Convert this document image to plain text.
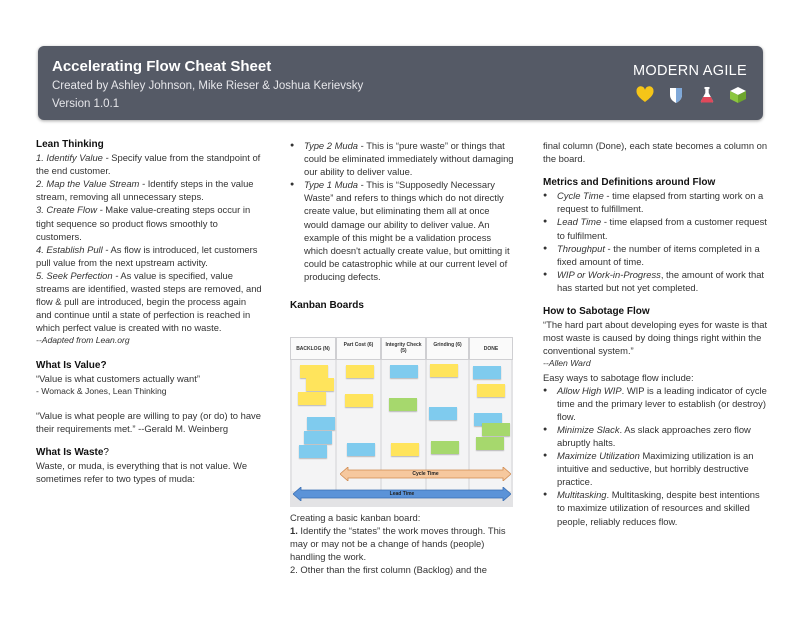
Accelerating Flow Cheat Sheet
Created by Ashley Johnson, Mike Rieser & Joshua Kerievsky
Version 1.0.1
MODERN AGILE

Lean Thinking

1. Identify Value - Specify value from the standpoint of the end customer.

2. Map the Value Stream - Identify steps in the value stream, removing all unnecessary steps.

3. Create Flow - Make value-creating steps occur in tight sequence so product flows smoothly to customers.

4. Establish Pull - As flow is introduced, let customers pull value from the next upstream activity.

5. Seek Perfection - As value is specified, value streams are identified, wasted steps are removed, and flow & pull are introduced, begin the process again and continue until a state of perfection is reached in which perfect value is created with no waste.

--Adapted from Lean.org

What Is Value?

“Value is what customers actually want”

- Womack & Jones, Lean Thinking

“Value is what people are willing to pay (or do) to have their requirements met.” --Gerald M. Weinberg

What Is Waste?

Waste, or muda, is everything that is not value. We sometimes refer to two types of muda:

● Type 2 Muda - This is “pure waste” or things that could be eliminated immediately without damaging our ability to deliver value.
● Type 1 Muda - This is “Supposedly Necessary Waste” and refers to things which do not directly create value, but eliminating them all at once would damage our ability to deliver value. An example of this might be a validation process which doesn't actually create value, but omitting it could be catastrophic while at our current level of producing defects.

Kanban Boards

BACKLOG (N)
Part Cost (6)	Integrity Check (5)
Grinding (6)
DONE
Cycle Time
Lead Time

Creating a basic kanban board:

1. Identify the “states” the work moves through. This may or may not be a change of hands (people) handling the work.

2. Other than the first column (Backlog) and the

final column (Done), each state becomes a column on the board.

Metrics and Definitions around Flow

● Cycle Time - time elapsed from starting work on a request to fulfillment.
● Lead Time - time elapsed from a customer request to fulfilment.
● Throughput - the number of items completed in a fixed amount of time.
● WIP or Work-in-Progress, the amount of work that has started but not yet completed.

How to Sabotage Flow

“The hard part about developing eyes for waste is that most waste is caused by doing things right within the conventional system.”

--Allen Ward

Easy ways to sabotage flow include:

● Allow High WIP. WIP is a leading indicator of cycle time and the primary lever to establish (or destroy) flow.
● Minimize Slack. As slack approaches zero flow abruptly halts.
● Maximize Utilization Maximizing utilization is an intuitive and seductive, but horribly destructive practice.
● Multitasking. Multitasking, despite best intentions to maximize utilization of resources and skilled people, reliably reduces flow.
